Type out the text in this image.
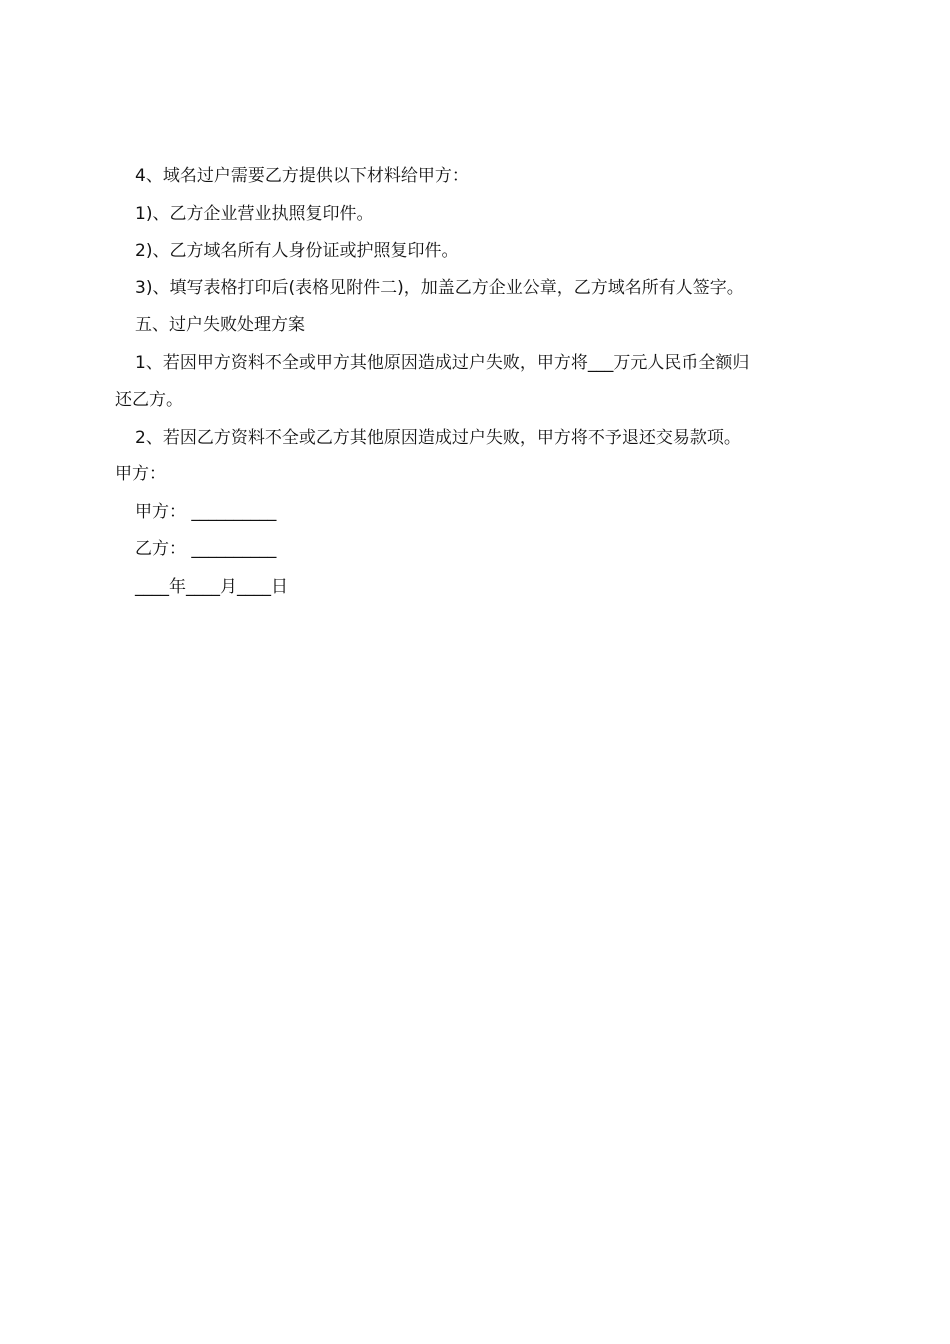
4、域名过户需要乙方提供以下材料给甲方：
1)、乙方企业营业执照复印件。
2)、乙方域名所有人身份证或护照复印件。
3)、填写表格打印后(表格见附件二)，加盖乙方企业公章，乙方域名所有人签字。
五、过户失败处理方案
1、若因甲方资料不全或甲方其他原因造成过户失败，甲方将___万元人民币全额归
还乙方。
2、若因乙方资料不全或乙方其他原因造成过户失败，甲方将不予退还交易款项。
甲方：
甲方： __________
乙方： __________
____年____月____日
